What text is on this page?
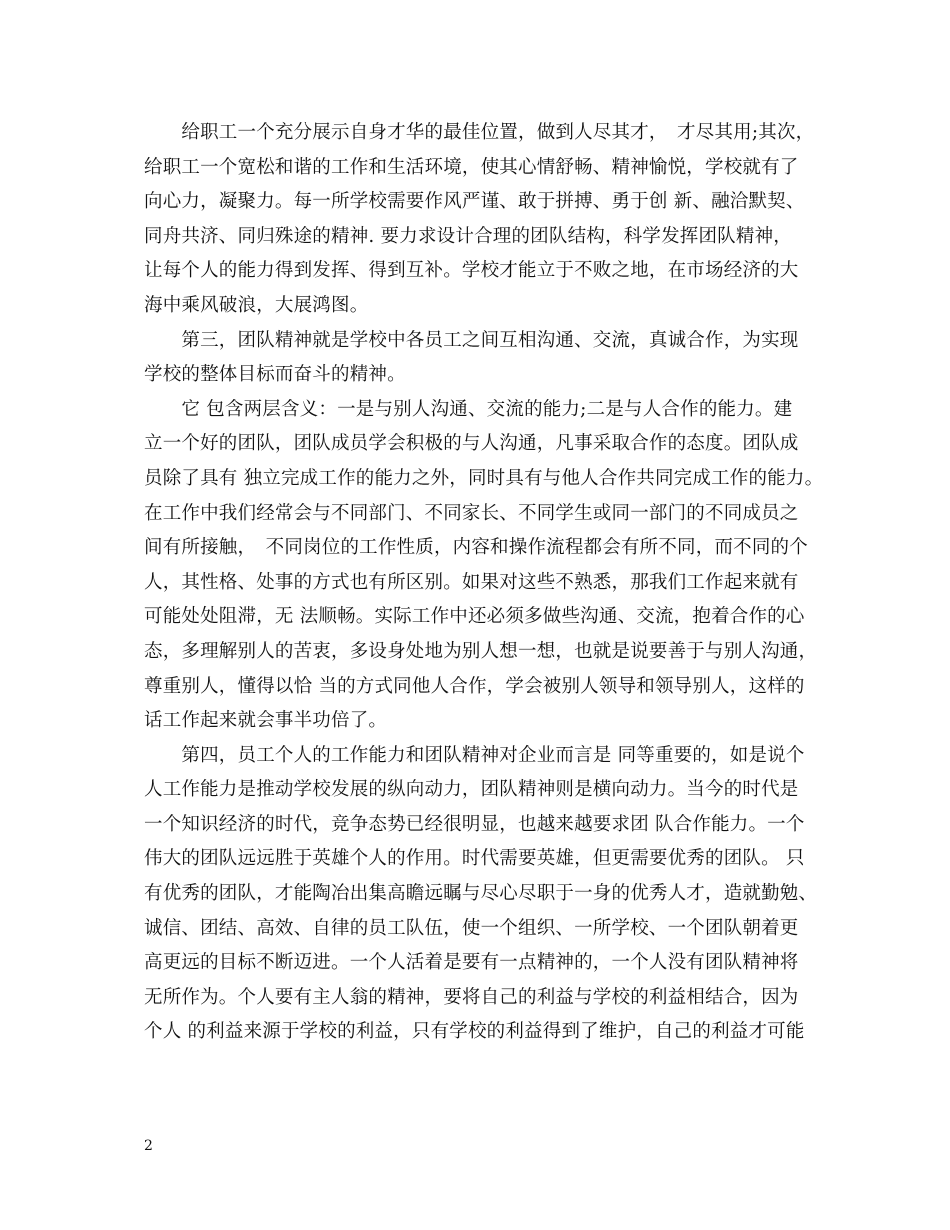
　　给职工一个充分展示自身才华的最佳位置，做到人尽其才，　才尽其用;其次，
给职工一个宽松和谐的工作和生活环境，使其心情舒畅、精神愉悦，学校就有了
向心力，凝聚力。每一所学校需要作风严谨、敢于拼搏、勇于创 新、融洽默契、
同舟共济、同归殊途的精神. 要力求设计合理的团队结构，科学发挥团队精神，
让每个人的能力得到发挥、得到互补。学校才能立于不败之地，在市场经济的大
海中乘风破浪，大展鸿图。
　　第三，团队精神就是学校中各员工之间互相沟通、交流，真诚合作，为实现
学校的整体目标而奋斗的精神。
　　它 包含两层含义：一是与别人沟通、交流的能力;二是与人合作的能力。建
立一个好的团队，团队成员学会积极的与人沟通，凡事采取合作的态度。团队成
员除了具有 独立完成工作的能力之外，同时具有与他人合作共同完成工作的能力。
在工作中我们经常会与不同部门、不同家长、不同学生或同一部门的不同成员之
间有所接触，　不同岗位的工作性质，内容和操作流程都会有所不同，而不同的个
人，其性格、处事的方式也有所区别。如果对这些不熟悉，那我们工作起来就有
可能处处阻滞，无 法顺畅。实际工作中还必须多做些沟通、交流，抱着合作的心
态，多理解别人的苦衷，多设身处地为别人想一想，也就是说要善于与别人沟通，
尊重别人，懂得以恰 当的方式同他人合作，学会被别人领导和领导别人，这样的
话工作起来就会事半功倍了。
　　第四，员工个人的工作能力和团队精神对企业而言是 同等重要的，如是说个
人工作能力是推动学校发展的纵向动力，团队精神则是横向动力。当今的时代是
一个知识经济的时代，竞争态势已经很明显，也越来越要求团 队合作能力。一个
伟大的团队远远胜于英雄个人的作用。时代需要英雄，但更需要优秀的团队。 只
有优秀的团队，才能陶冶出集高瞻远瞩与尽心尽职于一身的优秀人才，造就勤勉、
诚信、团结、高效、自律的员工队伍，使一个组织、一所学校、一个团队朝着更
高更远的目标不断迈进。一个人活着是要有一点精神的，一个人没有团队精神将
无所作为。个人要有主人翁的精神，要将自己的利益与学校的利益相结合，因为
个人 的利益来源于学校的利益，只有学校的利益得到了维护，自己的利益才可能
2
